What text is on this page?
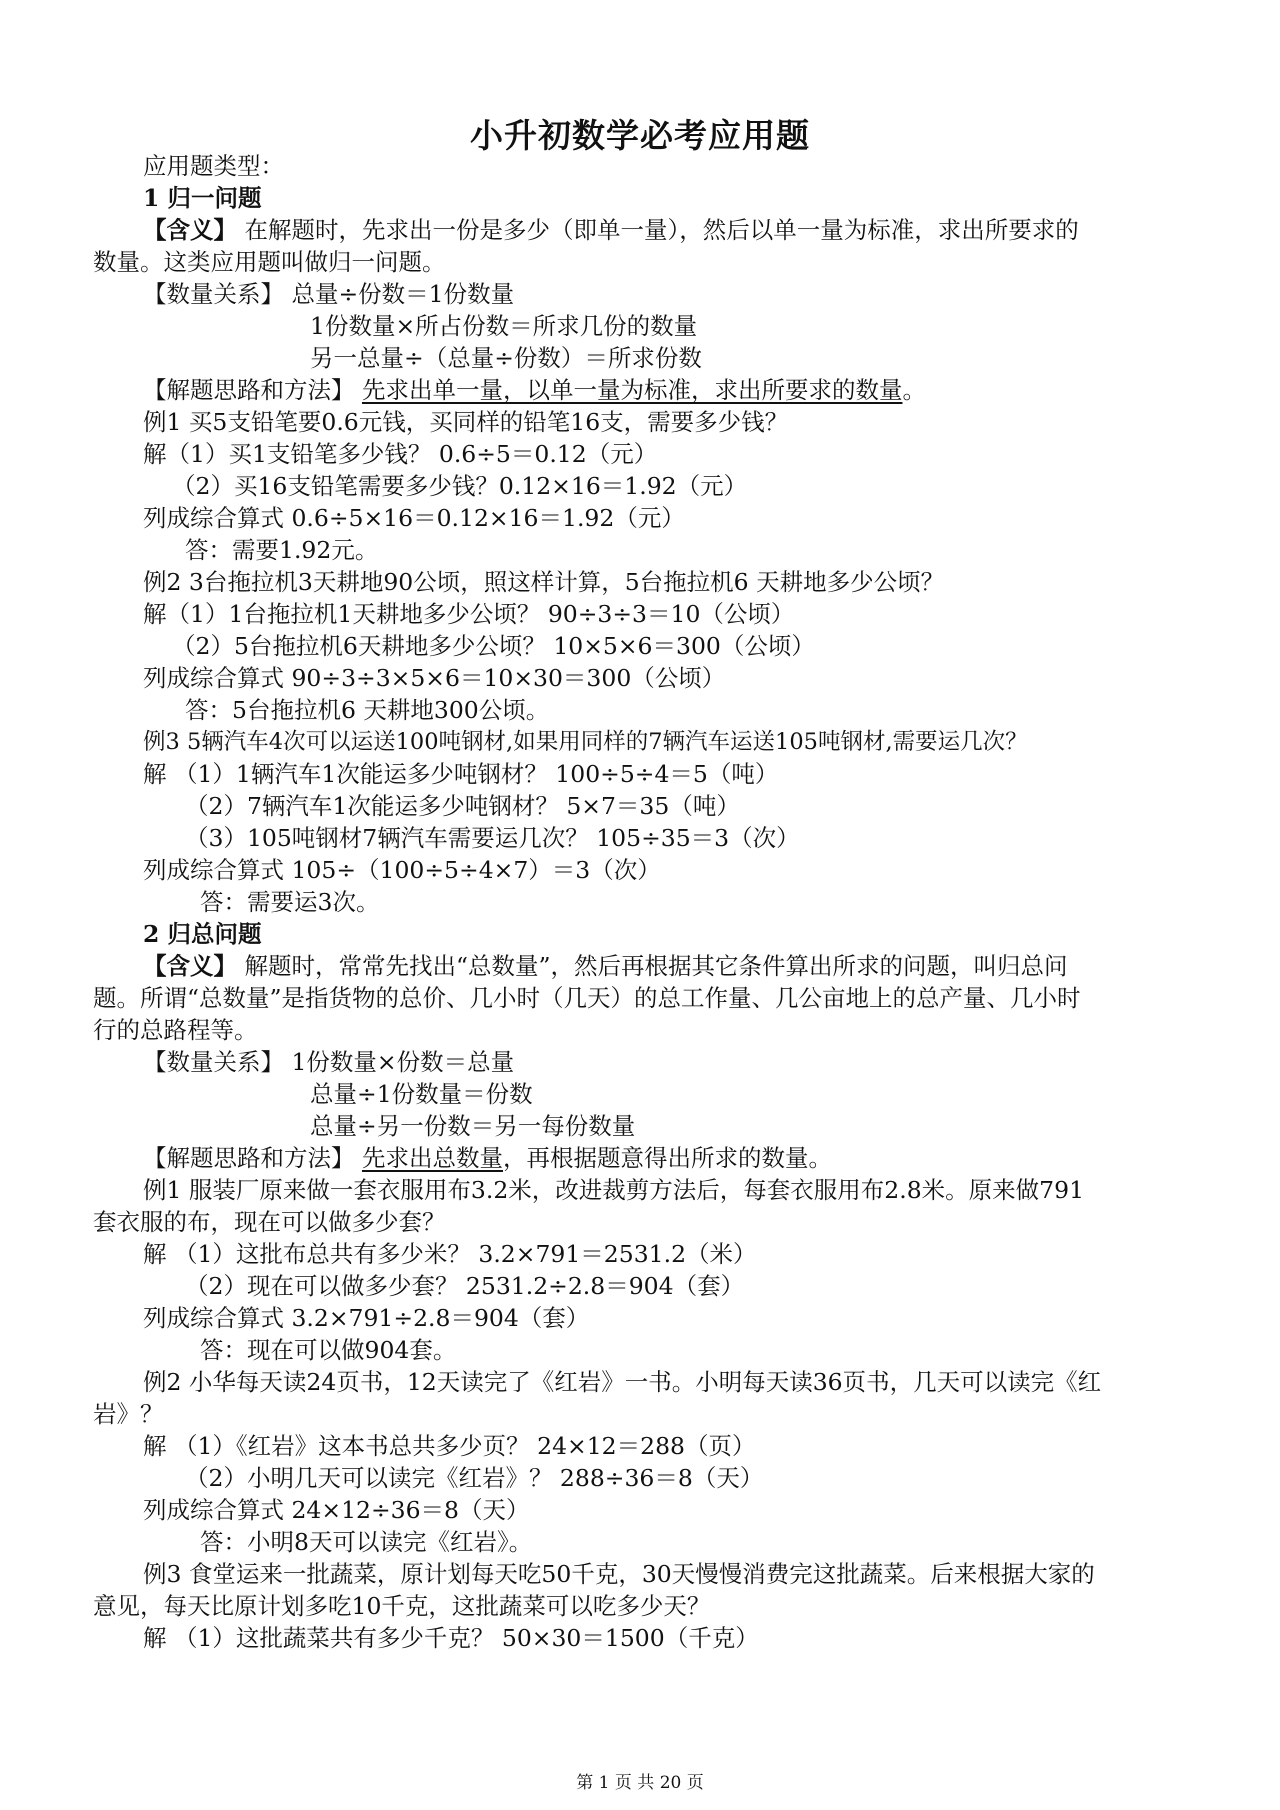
小升初数学必考应用题
应用题类型：
1 归一问题
【含义】 在解题时，先求出一份是多少（即单一量），然后以单一量为标准，求出所要求的
数量。这类应用题叫做归一问题。
【数量关系】 总量÷份数＝1份数量
1份数量×所占份数＝所求几份的数量
另一总量÷（总量÷份数）＝所求份数
【解题思路和方法】 先求出单一量，以单一量为标准，求出所要求的数量。
例1 买5支铅笔要0.6元钱，买同样的铅笔16支，需要多少钱？
解（1）买1支铅笔多少钱？ 0.6÷5＝0.12（元）
（2）买16支铅笔需要多少钱？0.12×16＝1.92（元）
列成综合算式 0.6÷5×16＝0.12×16＝1.92（元）
答：需要1.92元。
例2 3台拖拉机3天耕地90公顷，照这样计算，5台拖拉机6 天耕地多少公顷？
解（1）1台拖拉机1天耕地多少公顷？ 90÷3÷3＝10（公顷）
（2）5台拖拉机6天耕地多少公顷？ 10×5×6＝300（公顷）
列成综合算式 90÷3÷3×5×6＝10×30＝300（公顷）
答：5台拖拉机6 天耕地300公顷。
例3 5辆汽车4次可以运送100吨钢材,如果用同样的7辆汽车运送105吨钢材,需要运几次？
解 （1）1辆汽车1次能运多少吨钢材？ 100÷5÷4＝5（吨）
（2）7辆汽车1次能运多少吨钢材？ 5×7＝35（吨）
（3）105吨钢材7辆汽车需要运几次？ 105÷35＝3（次）
列成综合算式 105÷（100÷5÷4×7）＝3（次）
答：需要运3次。
2 归总问题
【含义】 解题时，常常先找出“总数量”，然后再根据其它条件算出所求的问题，叫归总问
题。所谓“总数量”是指货物的总价、几小时（几天）的总工作量、几公亩地上的总产量、几小时
行的总路程等。
【数量关系】 1份数量×份数＝总量
总量÷1份数量＝份数
总量÷另一份数＝另一每份数量
【解题思路和方法】 先求出总数量，再根据题意得出所求的数量。
例1 服装厂原来做一套衣服用布3.2米，改进裁剪方法后，每套衣服用布2.8米。原来做791
套衣服的布，现在可以做多少套？
解 （1）这批布总共有多少米？ 3.2×791＝2531.2（米）
（2）现在可以做多少套？ 2531.2÷2.8＝904（套）
列成综合算式 3.2×791÷2.8＝904（套）
答：现在可以做904套。
例2 小华每天读24页书，12天读完了《红岩》一书。小明每天读36页书，几天可以读完《红
岩》？
解 （1）《红岩》这本书总共多少页？ 24×12＝288（页）
（2）小明几天可以读完《红岩》？ 288÷36＝8（天）
列成综合算式 24×12÷36＝8（天）
答：小明8天可以读完《红岩》。
例3 食堂运来一批蔬菜，原计划每天吃50千克，30天慢慢消费完这批蔬菜。后来根据大家的
意见，每天比原计划多吃10千克，这批蔬菜可以吃多少天？
解 （1）这批蔬菜共有多少千克？ 50×30＝1500（千克）
第 1 页 共 20 页
